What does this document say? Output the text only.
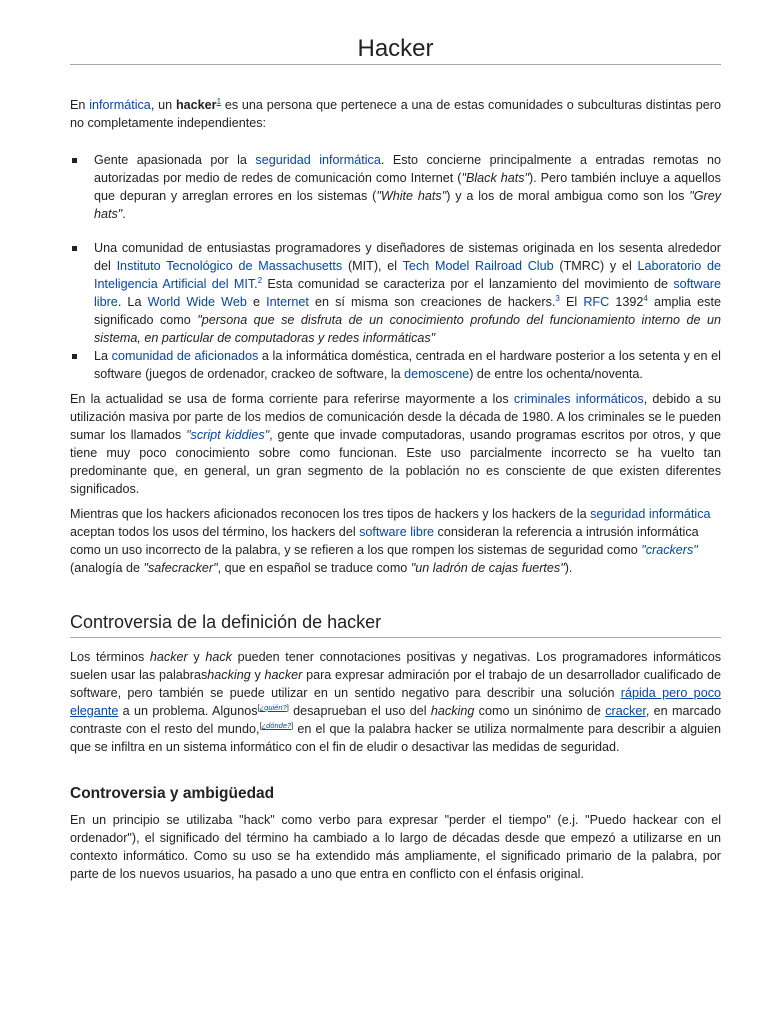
Hacker

En informática, un hacker$^1$ es una persona que pertenece a una de estas comunidades o subculturas distintas pero no completamente independientes:

Gente apasionada por la seguridad informática. Esto concierne principalmente a entradas remotas no autorizadas por medio de redes de comunicación como Internet ("Black hats"). Pero también incluye a aquellos que depuran y arreglan errores en los sistemas ("White hats") y a los de moral ambigua como son los "Grey hats".
Una comunidad de entusiastas programadores y diseñadores de sistemas originada en los sesenta alrededor del Instituto Tecnológico de Massachusetts (MIT), el Tech Model Railroad Club (TMRC) y el Laboratorio de Inteligencia Artificial del MIT.$^2$ Esta comunidad se caracteriza por el lanzamiento del movimiento de software libre. La World Wide Web e Internet en sí misma son creaciones de hackers.$^3$ El RFC 1392$^4$ amplia este significado como "persona que se disfruta de un conocimiento profundo del funcionamiento interno de un sistema, en particular de computadoras y redes informáticas"
La comunidad de aficionados a la informática doméstica, centrada en el hardware posterior a los setenta y en el software (juegos de ordenador, crackeo de software, la demoscene) de entre los ochenta/noventa.

En la actualidad se usa de forma corriente para referirse mayormente a los criminales informáticos, debido a su utilización masiva por parte de los medios de comunicación desde la década de 1980. A los criminales se le pueden sumar los llamados "script kiddies", gente que invade computadoras, usando programas escritos por otros, y que tiene muy poco conocimiento sobre como funcionan. Este uso parcialmente incorrecto se ha vuelto tan predominante que, en general, un gran segmento de la población no es consciente de que existen diferentes significados.

Mientras que los hackers aficionados reconocen los tres tipos de hackers y los hackers de la seguridad informática aceptan todos los usos del término, los hackers del software libre consideran la referencia a intrusión informática como un uso incorrecto de la palabra, y se refieren a los que rompen los sistemas de seguridad como "crackers" (analogía de "safecracker", que en español se traduce como "un ladrón de cajas fuertes").

Controversia de la definición de hacker

Los términos hacker y hack pueden tener connotaciones positivas y negativas. Los programadores informáticos suelen usar las palabrashacking y hacker para expresar admiración por el trabajo de un desarrollador cualificado de software, pero también se puede utilizar en un sentido negativo para describir una solución rápida pero poco elegante a un problema. Algunos[¿quién?] desaprueban el uso del hacking como un sinónimo de cracker, en marcado contraste con el resto del mundo,[¿dónde?] en el que la palabra hacker se utiliza normalmente para describir a alguien que se infiltra en un sistema informático con el fin de eludir o desactivar las medidas de seguridad.

Controversia y ambigüedad

En un principio se utilizaba "hack" como verbo para expresar "perder el tiempo" (e.j. "Puedo hackear con el ordenador"), el significado del término ha cambiado a lo largo de décadas desde que empezó a utilizarse en un contexto informático. Como su uso se ha extendido más ampliamente, el significado primario de la palabra, por parte de los nuevos usuarios, ha pasado a uno que entra en conflicto con el énfasis original.
